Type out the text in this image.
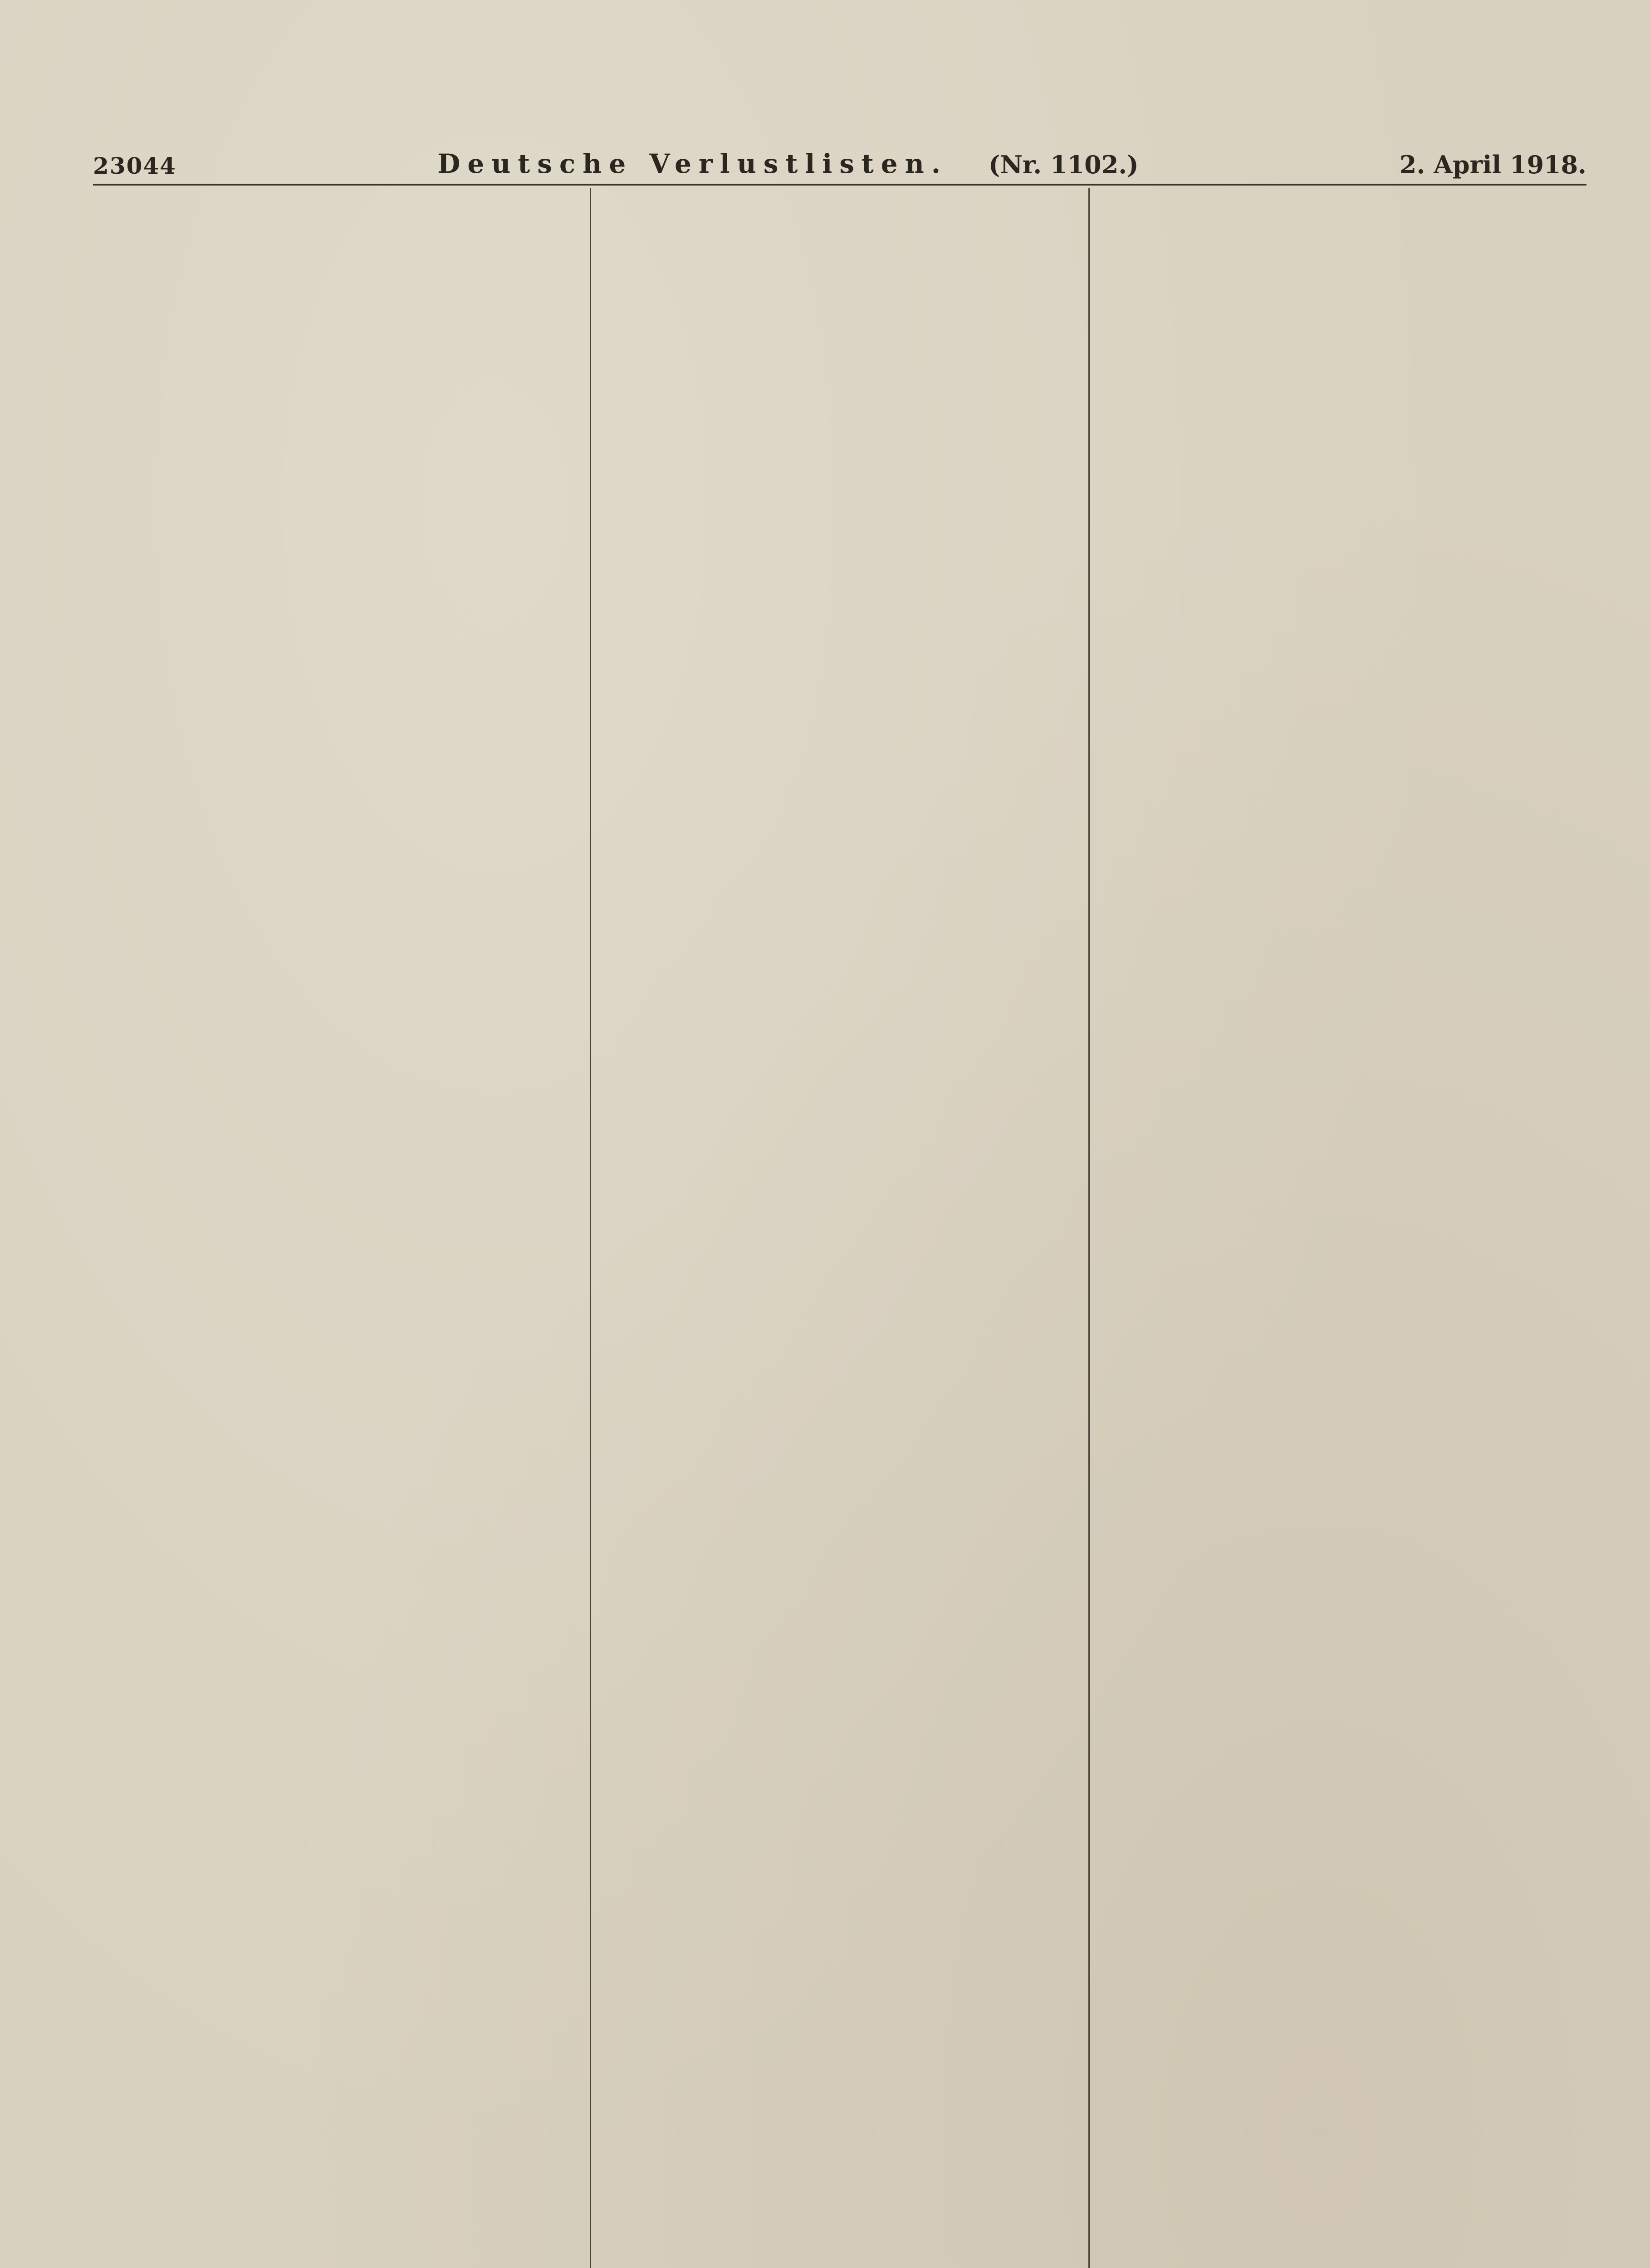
23044	Deutsche Verlustlisten. (Nr. 1102.)	2. April 1918.
